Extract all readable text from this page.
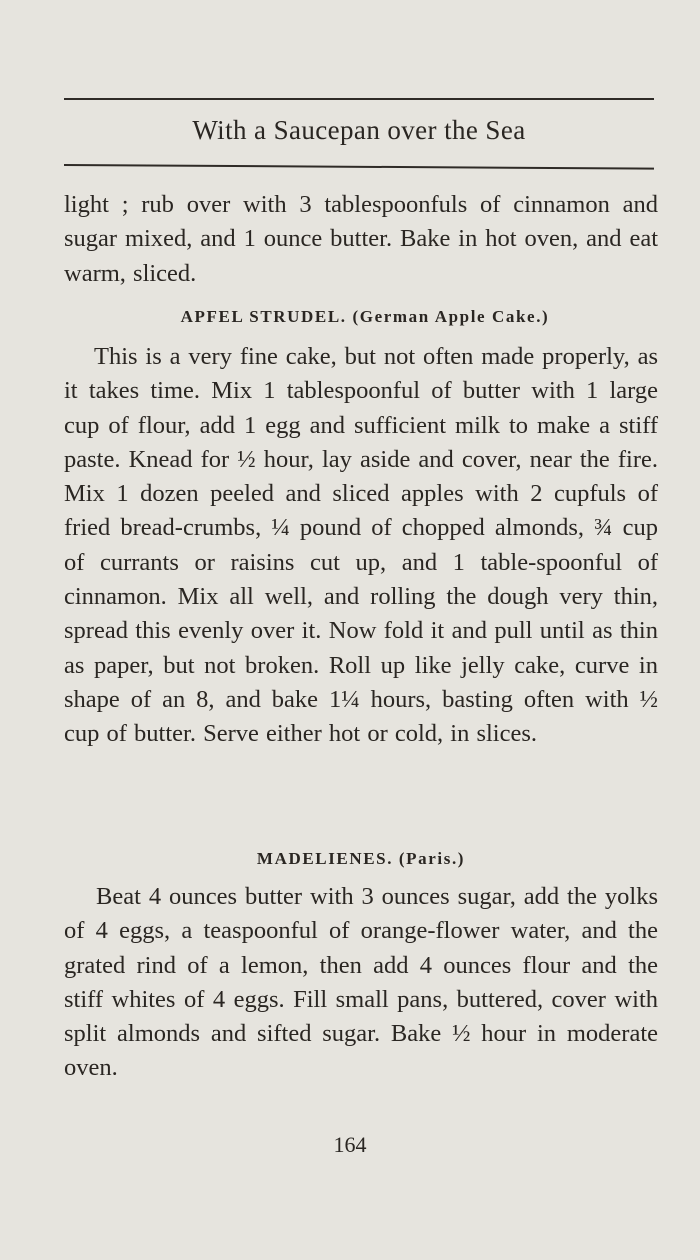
With a Saucepan over the Sea
light ; rub over with 3 tablespoonfuls of cinnamon and sugar mixed, and 1 ounce butter. Bake in hot oven, and eat warm, sliced.
APFEL STRUDEL. (German Apple Cake.)
This is a very fine cake, but not often made properly, as it takes time. Mix 1 tablespoonful of butter with 1 large cup of flour, add 1 egg and sufficient milk to make a stiff paste. Knead for ½ hour, lay aside and cover, near the fire. Mix 1 dozen peeled and sliced apples with 2 cupfuls of fried bread-crumbs, ¼ pound of chopped almonds, ¾ cup of currants or raisins cut up, and 1 table-spoonful of cinnamon. Mix all well, and rolling the dough very thin, spread this evenly over it. Now fold it and pull until as thin as paper, but not broken. Roll up like jelly cake, curve in shape of an 8, and bake 1¼ hours, basting often with ½ cup of butter. Serve either hot or cold, in slices.
MADELIENES. (Paris.)
Beat 4 ounces butter with 3 ounces sugar, add the yolks of 4 eggs, a teaspoonful of orange-flower water, and the grated rind of a lemon, then add 4 ounces flour and the stiff whites of 4 eggs. Fill small pans, buttered, cover with split almonds and sifted sugar. Bake ½ hour in moderate oven.
164
